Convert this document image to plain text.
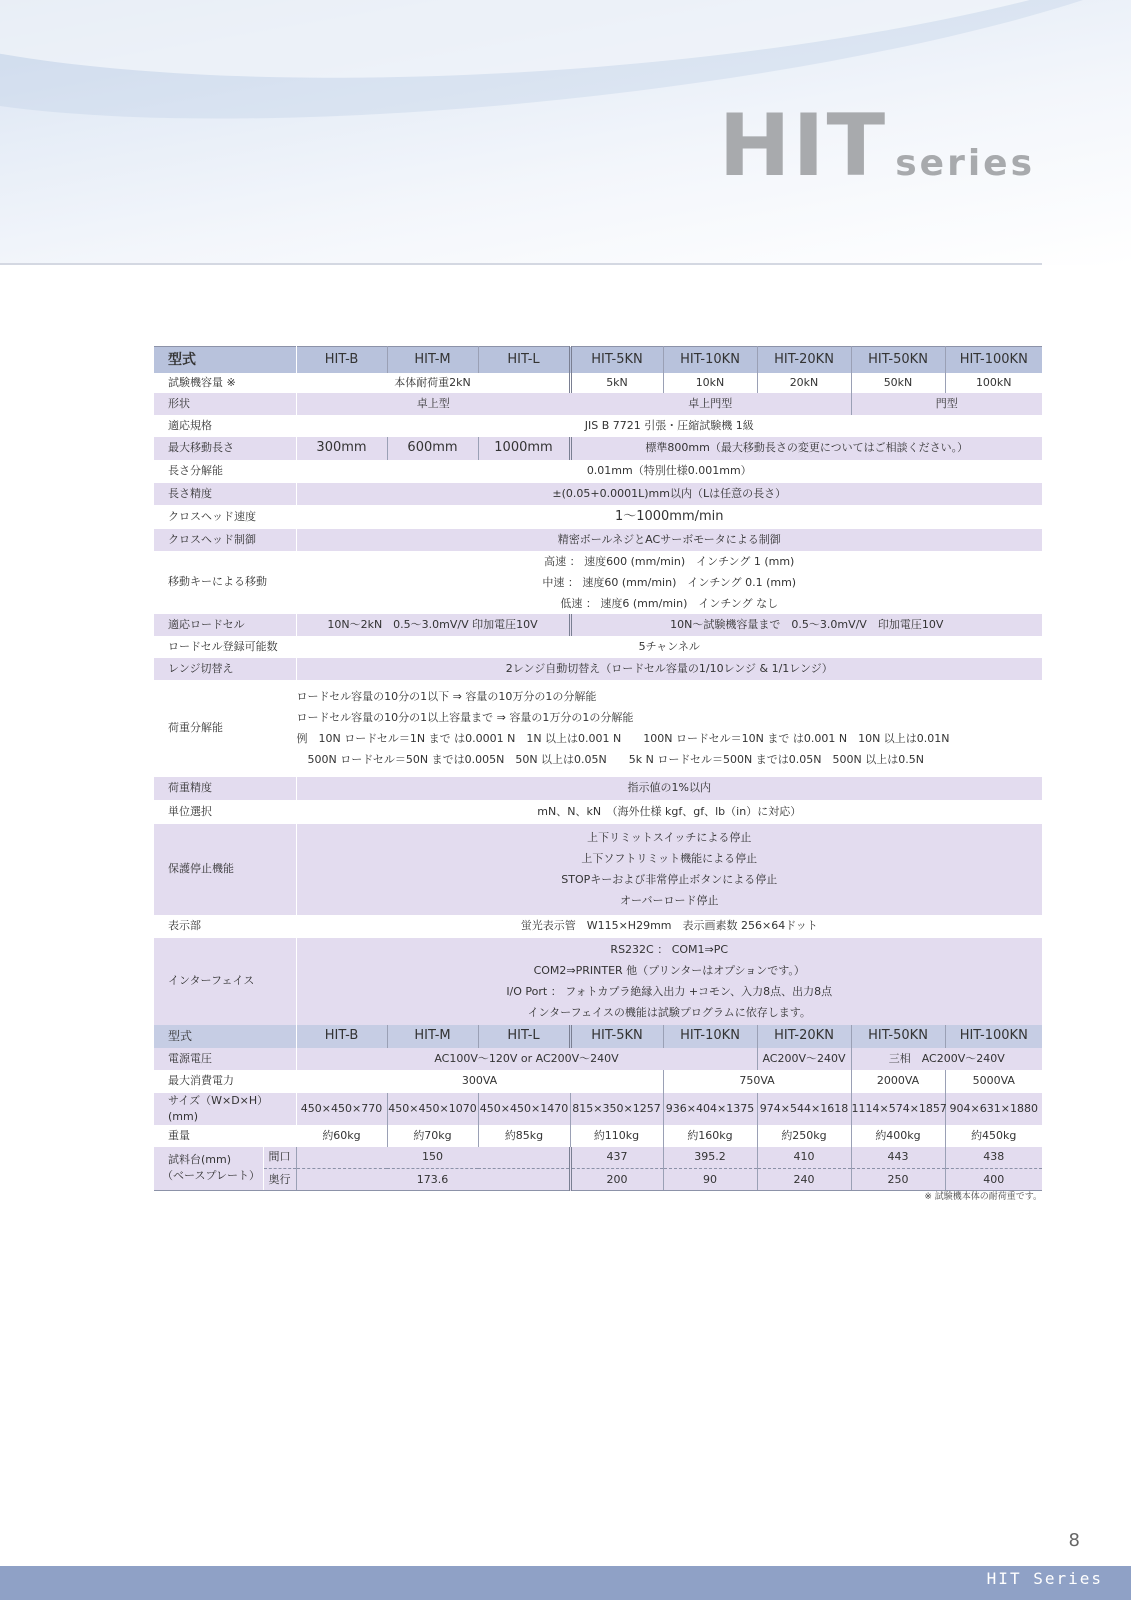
HIT series
型式		HIT-B	HIT-M	HIT-L	HIT-5KN	HIT-10KN	HIT-20KN	HIT-50KN	HIT-100KN
試験機容量 ※		本体耐荷重2kN			5kN	10kN	20kN	50kN	100kN
形状		卓上型			卓上門型			門型	
適応規格		JIS B 7721 引張・圧縮試験機 1級							
最大移動長さ		300mm	600mm	1000mm	標準800mm（最大移動長さの変更についてはご相談ください。）				
長さ分解能		0.01mm（特別仕様0.001mm）							
長さ精度		±(0.05+0.0001L)mm以内（Lは任意の長さ）							
クロスヘッド速度		1〜1000mm/min							
クロスヘッド制御		精密ボールネジとACサーボモータによる制御							
移動キーによる移動		高速 ： 速度600 (mm/min)　インチング 1 (mm)
中速 ： 速度60 (mm/min)　インチング 0.1 (mm)
低速 ： 速度6 (mm/min)　インチング なし							

適応ロードセル		10N〜2kN　0.5〜3.0mV/V 印加電圧10V			10N〜試験機容量まで　0.5〜3.0mV/V　印加電圧10V				
ロードセル登録可能数		5チャンネル							
レンジ切替え		2レンジ自動切替え（ロードセル容量の1/10レンジ & 1/1レンジ）							
荷重分解能		ロードセル容量の10分の1以下 ⇒ 容量の10万分の1の分解能
ロードセル容量の10分の1以上容量まで ⇒ 容量の1万分の1の分解能
例　10N ロードセル＝1N まで は0.0001 N　1N 以上は0.001 N　　100N ロードセル＝10N まで は0.001 N　10N 以上は0.01N
　500N ロードセル＝50N までは0.005N　50N 以上は0.05N　　5k N ロードセル＝500N までは0.05N　500N 以上は0.5N							

荷重精度		指示値の1%以内							
単位選択		mN、N、kN　（海外仕様 kgf、gf、lb（in）に対応）							
保護停止機能		上下リミットスイッチによる停止
上下ソフトリミット機能による停止
STOPキーおよび非常停止ボタンによる停止
オーバーロード停止							

表示部		蛍光表示管　W115×H29mm　表示画素数 256×64ドット							
インターフェイス		RS232C ： COM1⇒PC
COM2⇒PRINTER 他（プリンターはオプションです。）
I/O Port ： フォトカプラ絶縁入出力 +コモン、入力8点、出力8点
インターフェイスの機能は試験プログラムに依存します。							

型式		HIT-B	HIT-M	HIT-L	HIT-5KN	HIT-10KN	HIT-20KN	HIT-50KN	HIT-100KN
電源電圧		AC100V〜120V or AC200V〜240V					AC200V〜240V	三相　AC200V〜240V	
最大消費電力		300VA				750VA		2000VA	5000VA
サイズ（W×D×H）(mm)		450×450×770	450×450×1070	450×450×1470	815×350×1257	936×404×1375	974×544×1618	1114×574×1857	904×631×1880
重量		約60kg	約70kg	約85kg	約110kg	約160kg	約250kg	約400kg	約450kg

試料台(mm)
（ベースプレート）	間口	150			437	395.2	410	443	438
	奥行	173.6			200	90	240	250	400
※ 試験機本体の耐荷重です。
8
HIT Series
